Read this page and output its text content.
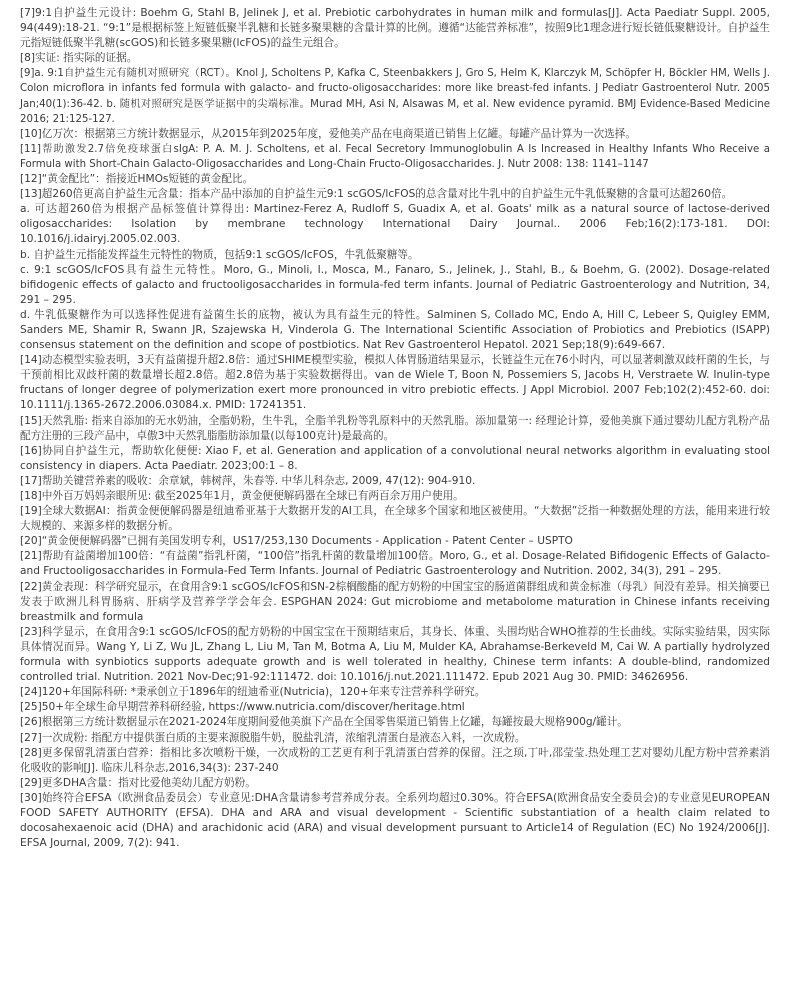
[7]9:1自护益生元设计: Boehm G, Stahl B, Jelinek J, et al. Prebiotic carbohydrates in human milk and formulas[J]. Acta Paediatr Suppl. 2005, 94(449):18-21. “9:1”是根据标签上短链低聚半乳糖和长链多聚果糖的含量计算的比例。遵循“达能营养标准”，按照9比1理念进行短长链低聚糖设计。自护益生元指短链低聚半乳糖(scGOS)和长链多聚果糖(lcFOS)的益生元组合。

[8]实证: 指实际的证据。

[9]a. 9:1自护益生元有随机对照研究（RCT）。Knol J, Scholtens P, Kafka C, Steenbakkers J, Gro S, Helm K, Klarczyk M, Schöpfer H, Böckler HM, Wells J. Colon microflora in infants fed formula with galacto- and fructo-oligosaccharides: more like breast-fed infants. J Pediatr Gastroenterol Nutr. 2005 Jan;40(1):36-42. b. 随机对照研究是医学证据中的尖端标准。Murad MH, Asi N, Alsawas M, et al. New evidence pyramid. BMJ Evidence-Based Medicine 2016; 21:125-127.

[10]亿万次：根据第三方统计数据显示，从2015年到2025年度，爱他美产品在电商渠道已销售上亿罐。每罐产品计算为一次选择。

[11]帮助激发2.7倍免疫球蛋白sIgA: P. A. M. J. Scholtens, et al. Fecal Secretory Immunoglobulin A Is Increased in Healthy Infants Who Receive a Formula with Short-Chain Galacto-Oligosaccharides and Long-Chain Fructo-Oligosaccharides. J. Nutr 2008: 138: 1141–1147

[12]“黄金配比”：指接近HMOs短链的黄金配比。

[13]超260倍更高自护益生元含量：指本产品中添加的自护益生元9:1 scGOS/lcFOS的总含量对比牛乳中的自护益生元牛乳低聚糖的含量可达超260倍。

a. 可达超260倍为根据产品标签值计算得出: Martinez-Ferez A, Rudloff S, Guadix A, et al. Goats' milk as a natural source of lactose-derived oligosaccharides: Isolation by membrane technology International Dairy Journal.. 2006 Feb;16(2):173-181. DOI: 10.1016/j.idairyj.2005.02.003.

b. 自护益生元指能发挥益生元特性的物质，包括9:1 scGOS/lcFOS，牛乳低聚糖等。

c. 9:1 scGOS/lcFOS具有益生元特性。Moro, G., Minoli, I., Mosca, M., Fanaro, S., Jelinek, J., Stahl, B., & Boehm, G. (2002). Dosage-related bifidogenic effects of galacto and fructooligosaccharides in formula-fed term infants. Journal of Pediatric Gastroenterology and Nutrition, 34, 291 – 295.

d. 牛乳低聚糖作为可以选择性促进有益菌生长的底物，被认为具有益生元的特性。Salminen S, Collado MC, Endo A, Hill C, Lebeer S, Quigley EMM, Sanders ME, Shamir R, Swann JR, Szajewska H, Vinderola G. The International Scientific Association of Probiotics and Prebiotics (ISAPP) consensus statement on the definition and scope of postbiotics. Nat Rev Gastroenterol Hepatol. 2021 Sep;18(9):649-667.

[14]动态模型实验表明，3天有益菌提升超2.8倍：通过SHIME模型实验，模拟人体胃肠道结果显示，长链益生元在76小时内，可以显著刺激双歧杆菌的生长，与干预前相比双歧杆菌的数量增长超2.8倍。超2.8倍为基于实验数据得出。van de Wiele T, Boon N, Possemiers S, Jacobs H, Verstraete W. Inulin-type fructans of longer degree of polymerization exert more pronounced in vitro prebiotic effects. J Appl Microbiol. 2007 Feb;102(2):452-60. doi: 10.1111/j.1365-2672.2006.03084.x. PMID: 17241351.

[15]天然乳脂: 指来自添加的无水奶油，全脂奶粉，生牛乳，全脂羊乳粉等乳原料中的天然乳脂。添加量第一: 经理论计算，爱他美旗下通过婴幼儿配方乳粉产品配方注册的三段产品中，卓傲3中天然乳脂脂肪添加量(以每100克计)是最高的。

[16]协同自护益生元，帮助软化便便: Xiao F, et al. Generation and application of a convolutional neural networks algorithm in evaluating stool consistency in diapers. Acta Paediatr. 2023;00:1 – 8.

[17]帮助关键营养素的吸收：余章斌，韩树萍，朱春等. 中华儿科杂志, 2009, 47(12): 904-910.

[18]中外百万妈妈亲眼所见: 截至2025年1月，黄金便便解码器在全球已有两百余万用户使用。

[19]全球大数据AI：指黄金便便解码器是纽迪希亚基于大数据开发的AI工具，在全球多个国家和地区被使用。“大数据”泛指一种数据处理的方法，能用来进行较大规模的、来源多样的数据分析。

[20]“黄金便便解码器”已拥有美国发明专利，US17/253,130 Documents - Application - Patent Center – USPTO

[21]帮助有益菌增加100倍：“有益菌”指乳杆菌，“100倍”指乳杆菌的数量增加100倍。Moro, G., et al. Dosage-Related Bifidogenic Effects of Galacto- and Fructooligosaccharides in Formula-Fed Term Infants. Journal of Pediatric Gastroenterology and Nutrition. 2002, 34(3), 291 – 295.

[22]黄金表现：科学研究显示，在食用含9:1 scGOS/lcFOS和SN-2棕榈酸酯的配方奶粉的中国宝宝的肠道菌群组成和黄金标准（母乳）间没有差异。相关摘要已发表于欧洲儿科胃肠病、肝病学及营养学学会年会. ESPGHAN 2024: Gut microbiome and metabolome maturation in Chinese infants receiving breastmilk and formula

[23]科学显示，在食用含9:1 scGOS/lcFOS的配方奶粉的中国宝宝在干预期结束后，其身长、体重、头围均贴合WHO推荐的生长曲线。实际实验结果，因实际具体情况而异。Wang Y, Li Z, Wu JL, Zhang L, Liu M, Tan M, Botma A, Liu M, Mulder KA, Abrahamse-Berkeveld M, Cai W. A partially hydrolyzed formula with synbiotics supports adequate growth and is well tolerated in healthy, Chinese term infants: A double-blind, randomized controlled trial. Nutrition. 2021 Nov-Dec;91-92:111472. doi: 10.1016/j.nut.2021.111472. Epub 2021 Aug 30. PMID: 34626956.

[24]120+年国际科研: *秉承创立于1896年的纽迪希亚(Nutricia)，120+年来专注营养科学研究。

[25]50+年全球生命早期营养科研经验, https://www.nutricia.com/discover/heritage.html

[26]根据第三方统计数据显示在2021-2024年度期间爱他美旗下产品在全国零售渠道已销售上亿罐，每罐按最大规格900g/罐计。

[27]一次成粉: 指配方中提供蛋白质的主要来源脱脂牛奶，脱盐乳清，浓缩乳清蛋白是液态入料，一次成粉。

[28]更多保留乳清蛋白营养：指相比多次喷粉干燥，一次成粉的工艺更有利于乳清蛋白营养的保留。汪之顼,丁叶,邵莹莹.热处理工艺对婴幼儿配方粉中营养素消化吸收的影响[J]. 临床儿科杂志,2016,34(3): 237-240

[29]更多DHA含量：指对比爱他美幼儿配方奶粉。

[30]始终符合EFSA（欧洲食品委员会）专业意见:DHA含量请参考营养成分表。全系列均超过0.30%。符合EFSA(欧洲食品安全委员会)的专业意见EUROPEAN FOOD SAFETY AUTHORITY (EFSA). DHA and ARA and visual development - Scientific substantiation of a health claim related to docosahexaenoic acid (DHA) and arachidonic acid (ARA) and visual development pursuant to Article14 of Regulation (EC) No 1924/2006[J]. EFSA Journal, 2009, 7(2): 941.
